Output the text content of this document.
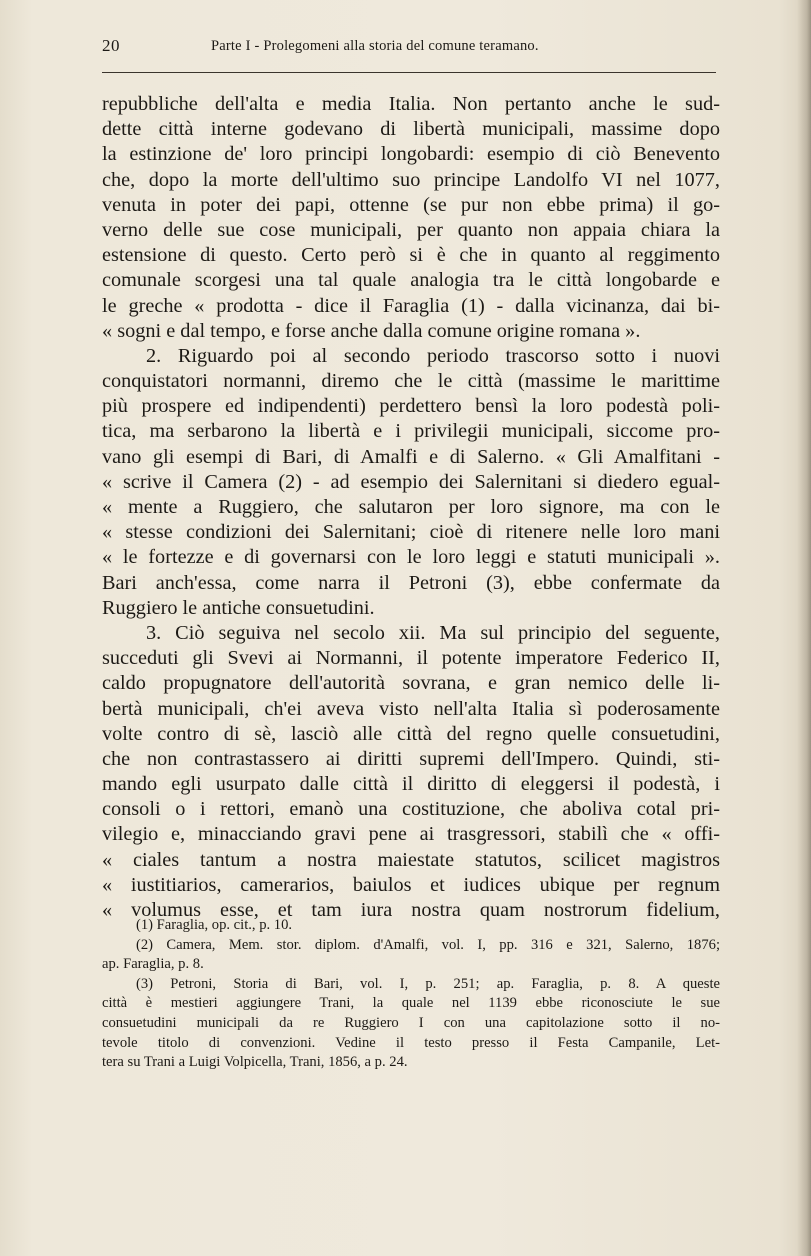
20	Parte I - Prolegomeni alla storia del comune teramano.
repubbliche dell'alta e media Italia. Non pertanto anche le sud-
dette città interne godevano di libertà municipali, massime dopo
la estinzione de' loro principi longobardi: esempio di ciò Benevento
che, dopo la morte dell'ultimo suo principe Landolfo VI nel 1077,
venuta in poter dei papi, ottenne (se pur non ebbe prima) il go-
verno delle sue cose municipali, per quanto non appaia chiara la
estensione di questo. Certo però si è che in quanto al reggimento
comunale scorgesi una tal quale analogia tra le città longobarde e
le greche « prodotta - dice il Faraglia (1) - dalla vicinanza, dai bi-
« sogni e dal tempo, e forse anche dalla comune origine romana ».
2. Riguardo poi al secondo periodo trascorso sotto i nuovi
conquistatori normanni, diremo che le città (massime le marittime
più prospere ed indipendenti) perdettero bensì la loro podestà poli-
tica, ma serbarono la libertà e i privilegii municipali, siccome pro-
vano gli esempi di Bari, di Amalfi e di Salerno. « Gli Amalfitani -
« scrive il Camera (2) - ad esempio dei Salernitani si diedero egual-
« mente a Ruggiero, che salutaron per loro signore, ma con le
« stesse condizioni dei Salernitani; cioè di ritenere nelle loro mani
« le fortezze e di governarsi con le loro leggi e statuti municipali ».
Bari anch'essa, come narra il Petroni (3), ebbe confermate da
Ruggiero le antiche consuetudini.
3. Ciò seguiva nel secolo xii. Ma sul principio del seguente,
succeduti gli Svevi ai Normanni, il potente imperatore Federico II,
caldo propugnatore dell'autorità sovrana, e gran nemico delle li-
bertà municipali, ch'ei aveva visto nell'alta Italia sì poderosamente
volte contro di sè, lasciò alle città del regno quelle consuetudini,
che non contrastassero ai diritti supremi dell'Impero. Quindi, sti-
mando egli usurpato dalle città il diritto di eleggersi il podestà, i
consoli o i rettori, emanò una costituzione, che aboliva cotal pri-
vilegio e, minacciando gravi pene ai trasgressori, stabilì che « offi-
« ciales tantum a nostra maiestate statutos, scilicet magistros
« iustitiarios, camerarios, baiulos et iudices ubique per regnum
« volumus esse, et tam iura nostra quam nostrorum fidelium,
(1) Faraglia, op. cit., p. 10.
(2) Camera, Mem. stor. diplom. d'Amalfi, vol. I, pp. 316 e 321, Salerno, 1876;
ap. Faraglia, p. 8.
(3) Petroni, Storia di Bari, vol. I, p. 251; ap. Faraglia, p. 8. A queste
città è mestieri aggiungere Trani, la quale nel 1139 ebbe riconosciute le sue
consuetudini municipali da re Ruggiero I con una capitolazione sotto il no-
tevole titolo di convenzioni. Vedine il testo presso il Festa Campanile, Let-
tera su Trani a Luigi Volpicella, Trani, 1856, a p. 24.
